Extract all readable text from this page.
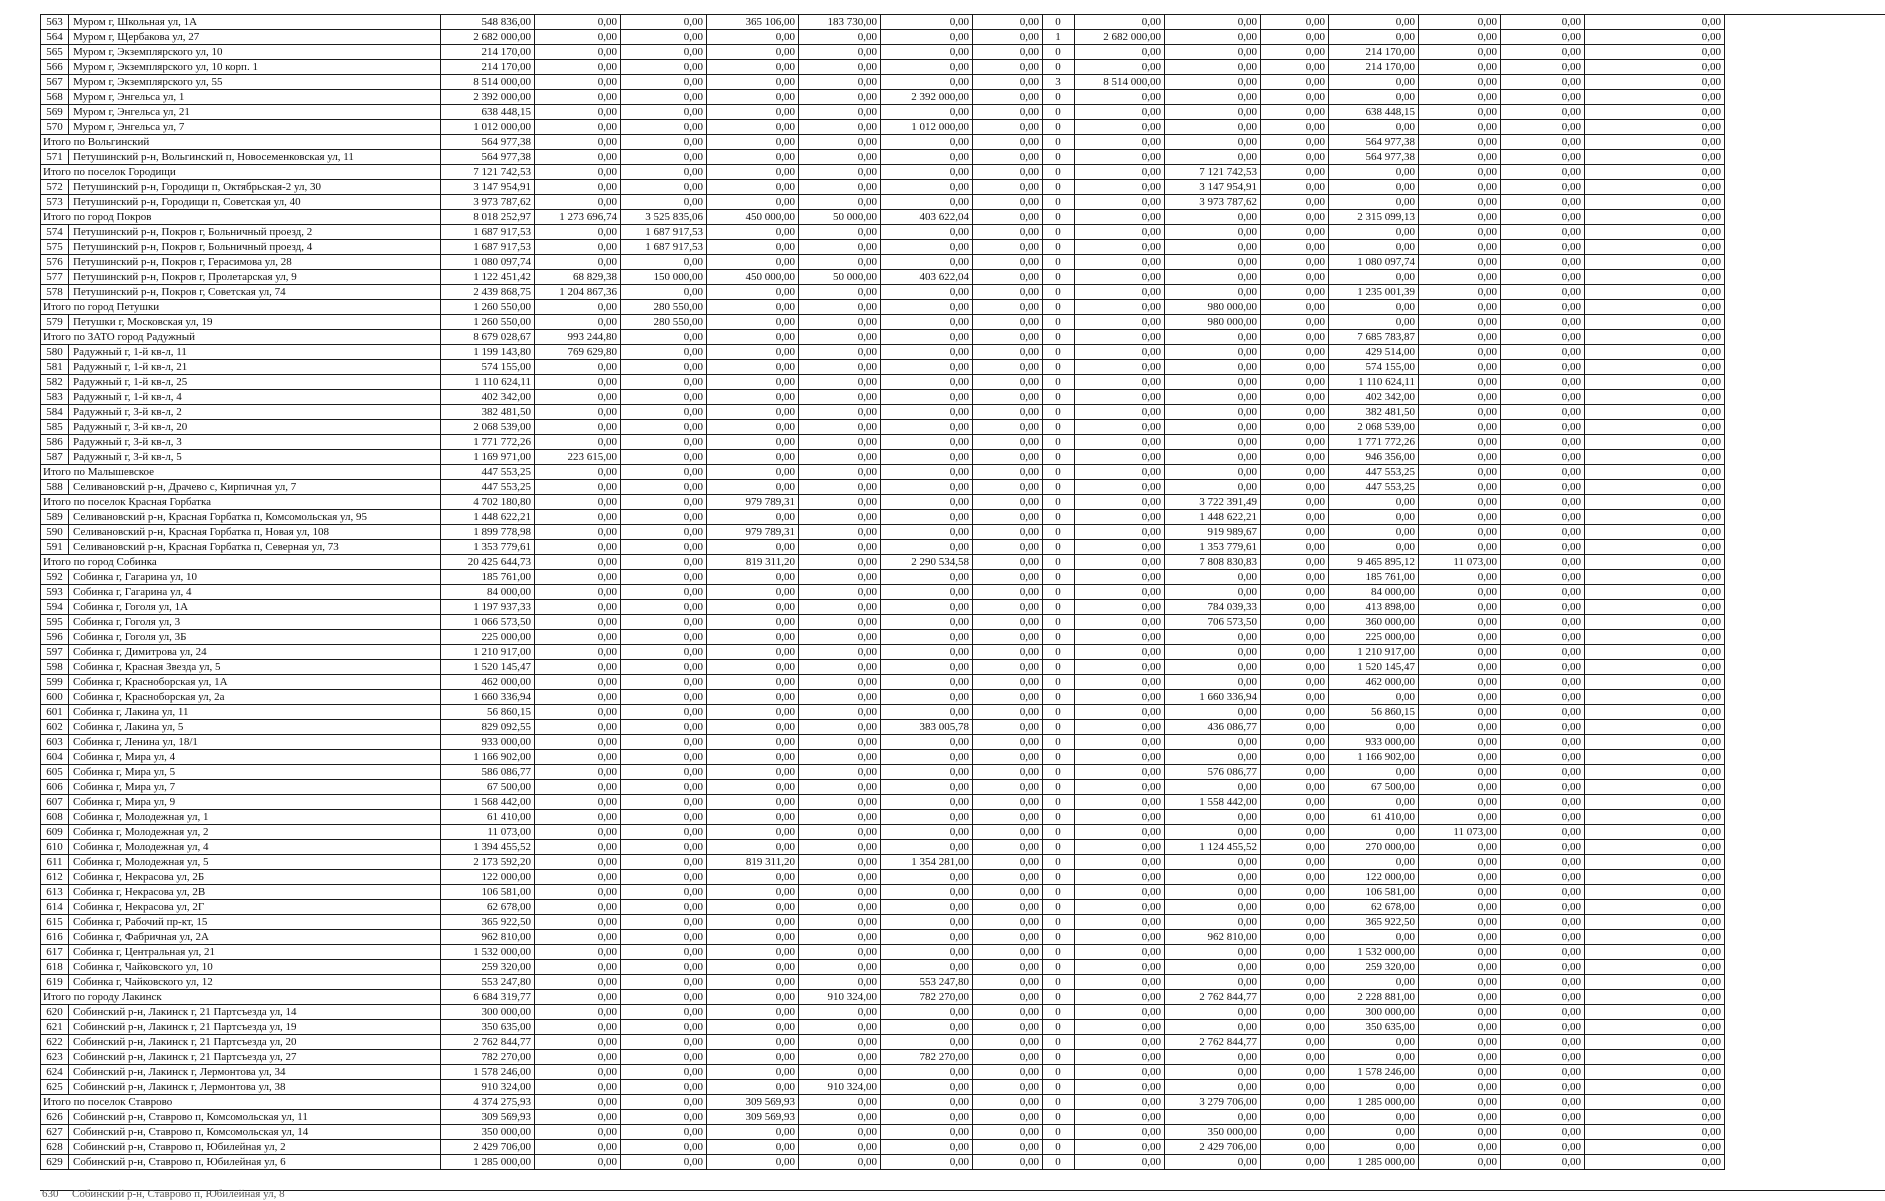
563	Муром г, Школьная ул, 1А	548 836,00	0,00	0,00	365 106,00	183 730,00	0,00	0,00	0	0,00	0,00	0,00	0,00	0,00	0,00	0,00
564	Муром г, Щербакова ул, 27	2 682 000,00	0,00	0,00	0,00	0,00	0,00	0,00	1	2 682 000,00	0,00	0,00	0,00	0,00	0,00	0,00
565	Муром г, Экземплярского ул, 10	214 170,00	0,00	0,00	0,00	0,00	0,00	0,00	0	0,00	0,00	0,00	214 170,00	0,00	0,00	0,00
566	Муром г, Экземплярского ул, 10 корп. 1	214 170,00	0,00	0,00	0,00	0,00	0,00	0,00	0	0,00	0,00	0,00	214 170,00	0,00	0,00	0,00
567	Муром г, Экземплярского ул, 55	8 514 000,00	0,00	0,00	0,00	0,00	0,00	0,00	3	8 514 000,00	0,00	0,00	0,00	0,00	0,00	0,00
568	Муром г, Энгельса ул, 1	2 392 000,00	0,00	0,00	0,00	0,00	2 392 000,00	0,00	0	0,00	0,00	0,00	0,00	0,00	0,00	0,00
569	Муром г, Энгельса ул, 21	638 448,15	0,00	0,00	0,00	0,00	0,00	0,00	0	0,00	0,00	0,00	638 448,15	0,00	0,00	0,00
570	Муром г, Энгельса ул, 7	1 012 000,00	0,00	0,00	0,00	0,00	1 012 000,00	0,00	0	0,00	0,00	0,00	0,00	0,00	0,00	0,00
Итого по Вольгинский		564 977,38	0,00	0,00	0,00	0,00	0,00	0,00	0	0,00	0,00	0,00	564 977,38	0,00	0,00	0,00
571	Петушинский р-н, Вольгинский п, Новосеменковская ул, 11	564 977,38	0,00	0,00	0,00	0,00	0,00	0,00	0	0,00	0,00	0,00	564 977,38	0,00	0,00	0,00
Итого по поселок Городищи		7 121 742,53	0,00	0,00	0,00	0,00	0,00	0,00	0	0,00	7 121 742,53	0,00	0,00	0,00	0,00	0,00
572	Петушинский р-н, Городищи п, Октябрьская-2 ул, 30	3 147 954,91	0,00	0,00	0,00	0,00	0,00	0,00	0	0,00	3 147 954,91	0,00	0,00	0,00	0,00	0,00
573	Петушинский р-н, Городищи п, Советская ул, 40	3 973 787,62	0,00	0,00	0,00	0,00	0,00	0,00	0	0,00	3 973 787,62	0,00	0,00	0,00	0,00	0,00
Итого по город Покров		8 018 252,97	1 273 696,74	3 525 835,06	450 000,00	50 000,00	403 622,04	0,00	0	0,00	0,00	0,00	2 315 099,13	0,00	0,00	0,00
574	Петушинский р-н, Покров г, Больничный проезд, 2	1 687 917,53	0,00	1 687 917,53	0,00	0,00	0,00	0,00	0	0,00	0,00	0,00	0,00	0,00	0,00	0,00
575	Петушинский р-н, Покров г, Больничный проезд, 4	1 687 917,53	0,00	1 687 917,53	0,00	0,00	0,00	0,00	0	0,00	0,00	0,00	0,00	0,00	0,00	0,00
576	Петушинский р-н, Покров г, Герасимова ул, 28	1 080 097,74	0,00	0,00	0,00	0,00	0,00	0,00	0	0,00	0,00	0,00	1 080 097,74	0,00	0,00	0,00
577	Петушинский р-н, Покров г, Пролетарская ул, 9	1 122 451,42	68 829,38	150 000,00	450 000,00	50 000,00	403 622,04	0,00	0	0,00	0,00	0,00	0,00	0,00	0,00	0,00
578	Петушинский р-н, Покров г, Советская ул, 74	2 439 868,75	1 204 867,36	0,00	0,00	0,00	0,00	0,00	0	0,00	0,00	0,00	1 235 001,39	0,00	0,00	0,00
Итого по город Петушки		1 260 550,00	0,00	280 550,00	0,00	0,00	0,00	0,00	0	0,00	980 000,00	0,00	0,00	0,00	0,00	0,00
579	Петушки г, Московская ул, 19	1 260 550,00	0,00	280 550,00	0,00	0,00	0,00	0,00	0	0,00	980 000,00	0,00	0,00	0,00	0,00	0,00
Итого по ЗАТО город Радужный		8 679 028,67	993 244,80	0,00	0,00	0,00	0,00	0,00	0	0,00	0,00	0,00	7 685 783,87	0,00	0,00	0,00
580	Радужный г, 1-й кв-л, 11	1 199 143,80	769 629,80	0,00	0,00	0,00	0,00	0,00	0	0,00	0,00	0,00	429 514,00	0,00	0,00	0,00
581	Радужный г, 1-й кв-л, 21	574 155,00	0,00	0,00	0,00	0,00	0,00	0,00	0	0,00	0,00	0,00	574 155,00	0,00	0,00	0,00
582	Радужный г, 1-й кв-л, 25	1 110 624,11	0,00	0,00	0,00	0,00	0,00	0,00	0	0,00	0,00	0,00	1 110 624,11	0,00	0,00	0,00
583	Радужный г, 1-й кв-л, 4	402 342,00	0,00	0,00	0,00	0,00	0,00	0,00	0	0,00	0,00	0,00	402 342,00	0,00	0,00	0,00
584	Радужный г, 3-й кв-л, 2	382 481,50	0,00	0,00	0,00	0,00	0,00	0,00	0	0,00	0,00	0,00	382 481,50	0,00	0,00	0,00
585	Радужный г, 3-й кв-л, 20	2 068 539,00	0,00	0,00	0,00	0,00	0,00	0,00	0	0,00	0,00	0,00	2 068 539,00	0,00	0,00	0,00
586	Радужный г, 3-й кв-л, 3	1 771 772,26	0,00	0,00	0,00	0,00	0,00	0,00	0	0,00	0,00	0,00	1 771 772,26	0,00	0,00	0,00
587	Радужный г, 3-й кв-л, 5	1 169 971,00	223 615,00	0,00	0,00	0,00	0,00	0,00	0	0,00	0,00	0,00	946 356,00	0,00	0,00	0,00
Итого по Малышевское		447 553,25	0,00	0,00	0,00	0,00	0,00	0,00	0	0,00	0,00	0,00	447 553,25	0,00	0,00	0,00
588	Селивановский р-н, Драчево с, Кирпичная ул, 7	447 553,25	0,00	0,00	0,00	0,00	0,00	0,00	0	0,00	0,00	0,00	447 553,25	0,00	0,00	0,00
Итого по поселок Красная Горбатка		4 702 180,80	0,00	0,00	979 789,31	0,00	0,00	0,00	0	0,00	3 722 391,49	0,00	0,00	0,00	0,00	0,00
589	Селивановский р-н, Красная Горбатка п, Комсомольская ул, 95	1 448 622,21	0,00	0,00	0,00	0,00	0,00	0,00	0	0,00	1 448 622,21	0,00	0,00	0,00	0,00	0,00
590	Селивановский р-н, Красная Горбатка п, Новая ул, 108	1 899 778,98	0,00	0,00	979 789,31	0,00	0,00	0,00	0	0,00	919 989,67	0,00	0,00	0,00	0,00	0,00
591	Селивановский р-н, Красная Горбатка п, Северная ул, 73	1 353 779,61	0,00	0,00	0,00	0,00	0,00	0,00	0	0,00	1 353 779,61	0,00	0,00	0,00	0,00	0,00
Итого по город Собинка		20 425 644,73	0,00	0,00	819 311,20	0,00	2 290 534,58	0,00	0	0,00	7 808 830,83	0,00	9 465 895,12	11 073,00	0,00	0,00
592	Собинка г, Гагарина ул, 10	185 761,00	0,00	0,00	0,00	0,00	0,00	0,00	0	0,00	0,00	0,00	185 761,00	0,00	0,00	0,00
593	Собинка г, Гагарина ул, 4	84 000,00	0,00	0,00	0,00	0,00	0,00	0,00	0	0,00	0,00	0,00	84 000,00	0,00	0,00	0,00
594	Собинка г, Гоголя ул, 1А	1 197 937,33	0,00	0,00	0,00	0,00	0,00	0,00	0	0,00	784 039,33	0,00	413 898,00	0,00	0,00	0,00
595	Собинка г, Гоголя ул, 3	1 066 573,50	0,00	0,00	0,00	0,00	0,00	0,00	0	0,00	706 573,50	0,00	360 000,00	0,00	0,00	0,00
596	Собинка г, Гоголя ул, 3Б	225 000,00	0,00	0,00	0,00	0,00	0,00	0,00	0	0,00	0,00	0,00	225 000,00	0,00	0,00	0,00
597	Собинка г, Димитрова ул, 24	1 210 917,00	0,00	0,00	0,00	0,00	0,00	0,00	0	0,00	0,00	0,00	1 210 917,00	0,00	0,00	0,00
598	Собинка г, Красная Звезда ул, 5	1 520 145,47	0,00	0,00	0,00	0,00	0,00	0,00	0	0,00	0,00	0,00	1 520 145,47	0,00	0,00	0,00
599	Собинка г, Красноборская ул, 1А	462 000,00	0,00	0,00	0,00	0,00	0,00	0,00	0	0,00	0,00	0,00	462 000,00	0,00	0,00	0,00
600	Собинка г, Красноборская ул, 2а	1 660 336,94	0,00	0,00	0,00	0,00	0,00	0,00	0	0,00	1 660 336,94	0,00	0,00	0,00	0,00	0,00
601	Собинка г, Лакина ул, 11	56 860,15	0,00	0,00	0,00	0,00	0,00	0,00	0	0,00	0,00	0,00	56 860,15	0,00	0,00	0,00
602	Собинка г, Лакина ул, 5	829 092,55	0,00	0,00	0,00	0,00	383 005,78	0,00	0	0,00	436 086,77	0,00	0,00	0,00	0,00	0,00
603	Собинка г, Ленина ул, 18/1	933 000,00	0,00	0,00	0,00	0,00	0,00	0,00	0	0,00	0,00	0,00	933 000,00	0,00	0,00	0,00
604	Собинка г, Мира ул, 4	1 166 902,00	0,00	0,00	0,00	0,00	0,00	0,00	0	0,00	0,00	0,00	1 166 902,00	0,00	0,00	0,00
605	Собинка г, Мира ул, 5	586 086,77	0,00	0,00	0,00	0,00	0,00	0,00	0	0,00	576 086,77	0,00	0,00	0,00	0,00	0,00
606	Собинка г, Мира ул, 7	67 500,00	0,00	0,00	0,00	0,00	0,00	0,00	0	0,00	0,00	0,00	67 500,00	0,00	0,00	0,00
607	Собинка г, Мира ул, 9	1 568 442,00	0,00	0,00	0,00	0,00	0,00	0,00	0	0,00	1 558 442,00	0,00	0,00	0,00	0,00	0,00
608	Собинка г, Молодежная ул, 1	61 410,00	0,00	0,00	0,00	0,00	0,00	0,00	0	0,00	0,00	0,00	61 410,00	0,00	0,00	0,00
609	Собинка г, Молодежная ул, 2	11 073,00	0,00	0,00	0,00	0,00	0,00	0,00	0	0,00	0,00	0,00	0,00	11 073,00	0,00	0,00
610	Собинка г, Молодежная ул, 4	1 394 455,52	0,00	0,00	0,00	0,00	0,00	0,00	0	0,00	1 124 455,52	0,00	270 000,00	0,00	0,00	0,00
611	Собинка г, Молодежная ул, 5	2 173 592,20	0,00	0,00	819 311,20	0,00	1 354 281,00	0,00	0	0,00	0,00	0,00	0,00	0,00	0,00	0,00
612	Собинка г, Некрасова ул, 2Б	122 000,00	0,00	0,00	0,00	0,00	0,00	0,00	0	0,00	0,00	0,00	122 000,00	0,00	0,00	0,00
613	Собинка г, Некрасова ул, 2В	106 581,00	0,00	0,00	0,00	0,00	0,00	0,00	0	0,00	0,00	0,00	106 581,00	0,00	0,00	0,00
614	Собинка г, Некрасова ул, 2Г	62 678,00	0,00	0,00	0,00	0,00	0,00	0,00	0	0,00	0,00	0,00	62 678,00	0,00	0,00	0,00
615	Собинка г, Рабочий пр-кт, 15	365 922,50	0,00	0,00	0,00	0,00	0,00	0,00	0	0,00	0,00	0,00	365 922,50	0,00	0,00	0,00
616	Собинка г, Фабричная ул, 2А	962 810,00	0,00	0,00	0,00	0,00	0,00	0,00	0	0,00	962 810,00	0,00	0,00	0,00	0,00	0,00
617	Собинка г, Центральная ул, 21	1 532 000,00	0,00	0,00	0,00	0,00	0,00	0,00	0	0,00	0,00	0,00	1 532 000,00	0,00	0,00	0,00
618	Собинка г, Чайковского ул, 10	259 320,00	0,00	0,00	0,00	0,00	0,00	0,00	0	0,00	0,00	0,00	259 320,00	0,00	0,00	0,00
619	Собинка г, Чайковского ул, 12	553 247,80	0,00	0,00	0,00	0,00	553 247,80	0,00	0	0,00	0,00	0,00	0,00	0,00	0,00	0,00
Итого по городу Лакинск		6 684 319,77	0,00	0,00	0,00	910 324,00	782 270,00	0,00	0	0,00	2 762 844,77	0,00	2 228 881,00	0,00	0,00	0,00
620	Собинский р-н, Лакинск г, 21 Партсъезда ул, 14	300 000,00	0,00	0,00	0,00	0,00	0,00	0,00	0	0,00	0,00	0,00	300 000,00	0,00	0,00	0,00
621	Собинский р-н, Лакинск г, 21 Партсъезда ул, 19	350 635,00	0,00	0,00	0,00	0,00	0,00	0,00	0	0,00	0,00	0,00	350 635,00	0,00	0,00	0,00
622	Собинский р-н, Лакинск г, 21 Партсъезда ул, 20	2 762 844,77	0,00	0,00	0,00	0,00	0,00	0,00	0	0,00	2 762 844,77	0,00	0,00	0,00	0,00	0,00
623	Собинский р-н, Лакинск г, 21 Партсъезда ул, 27	782 270,00	0,00	0,00	0,00	0,00	782 270,00	0,00	0	0,00	0,00	0,00	0,00	0,00	0,00	0,00
624	Собинский р-н, Лакинск г, Лермонтова ул, 34	1 578 246,00	0,00	0,00	0,00	0,00	0,00	0,00	0	0,00	0,00	0,00	1 578 246,00	0,00	0,00	0,00
625	Собинский р-н, Лакинск г, Лермонтова ул, 38	910 324,00	0,00	0,00	0,00	910 324,00	0,00	0,00	0	0,00	0,00	0,00	0,00	0,00	0,00	0,00
Итого по поселок Ставрово		4 374 275,93	0,00	0,00	309 569,93	0,00	0,00	0,00	0	0,00	3 279 706,00	0,00	1 285 000,00	0,00	0,00	0,00
626	Собинский р-н, Ставрово п, Комсомольская ул, 11	309 569,93	0,00	0,00	309 569,93	0,00	0,00	0,00	0	0,00	0,00	0,00	0,00	0,00	0,00	0,00
627	Собинский р-н, Ставрово п, Комсомольская ул, 14	350 000,00	0,00	0,00	0,00	0,00	0,00	0,00	0	0,00	350 000,00	0,00	0,00	0,00	0,00	0,00
628	Собинский р-н, Ставрово п, Юбилейная ул, 2	2 429 706,00	0,00	0,00	0,00	0,00	0,00	0,00	0	0,00	2 429 706,00	0,00	0,00	0,00	0,00	0,00
629	Собинский р-н, Ставрово п, Юбилейная ул, 6	1 285 000,00	0,00	0,00	0,00	0,00	0,00	0,00	0	0,00	0,00	0,00	1 285 000,00	0,00	0,00	0,00
630 Собинский р-н, Ставрово п, Юбилейная ул, 8
